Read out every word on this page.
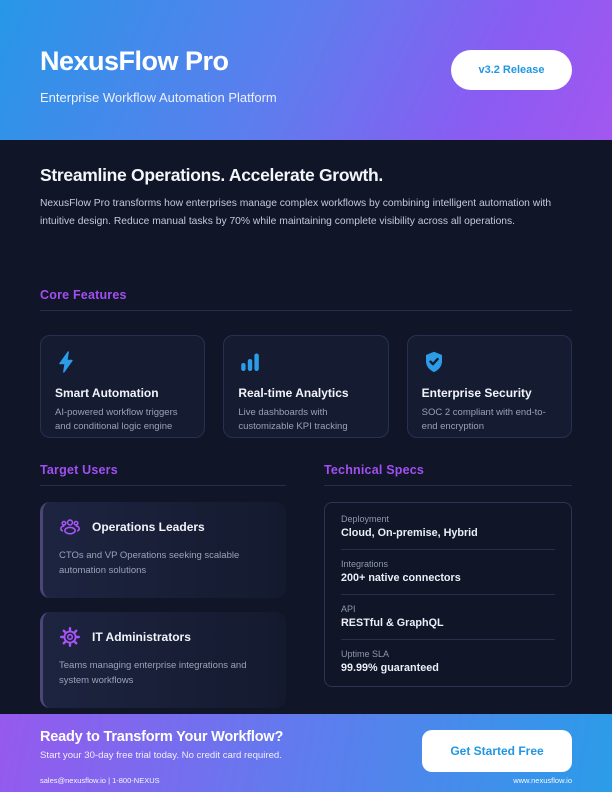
NexusFlow Pro
Enterprise Workflow Automation Platform
v3.2 Release
Streamline Operations. Accelerate Growth.

NexusFlow Pro transforms how enterprises manage complex workflows by combining intelligent automation with intuitive design. Reduce manual tasks by 70% while maintaining complete visibility across all operations.

Core Features
Smart Automation

AI-powered workflow triggers and conditional logic engine

Real-time Analytics

Live dashboards with customizable KPI tracking

Enterprise Security

SOC 2 compliant with end-to-end encryption

Target Users
Operations Leaders

CTOs and VP Operations seeking scalable automation solutions

IT Administrators

Teams managing enterprise integrations and system workflows

Technical Specs
Deployment
Cloud, On-premise, Hybrid
Integrations
200+ native connectors
API
RESTful & GraphQL
Uptime SLA
99.99% guaranteed
Ready to Transform Your Workflow?
Start your 30-day free trial today. No credit card required.	Get Started Free
sales@nexusflow.io | 1-800-NEXUS	www.nexusflow.io
